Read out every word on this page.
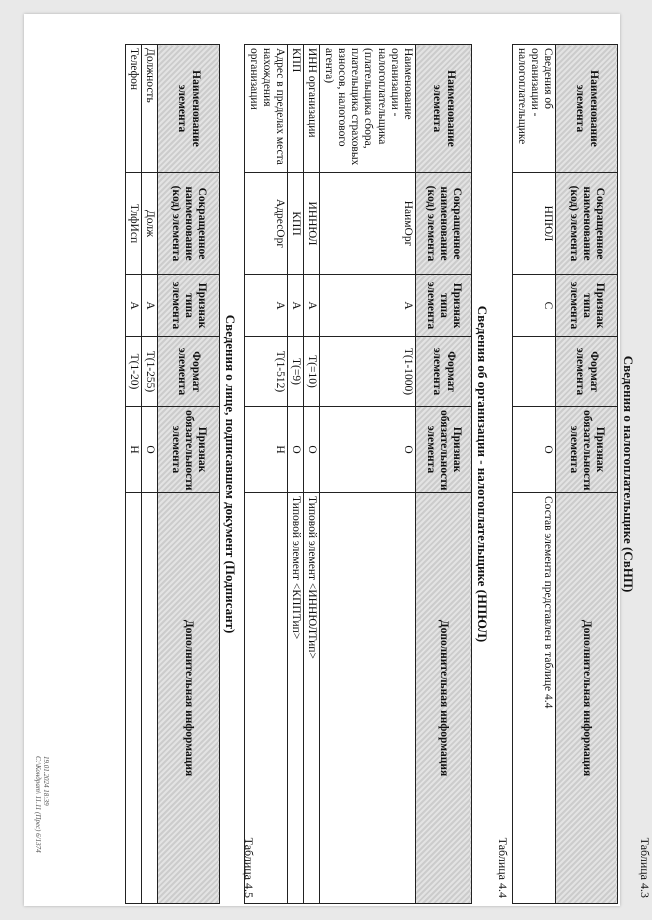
Таблица 4.3
Сведения о налогоплательщике (СвНП)
Наименование элемента	Сокращенное наименование (код) элемента	Признак типа элемента	Формат элемента	Признак обязательности элемента	Дополнительная информация
Сведения об организации - налогоплательщике	НПЮЛ	С		О	Состав элемента представлен в таблице 4.4
Таблица 4.4
Сведения об организации - налогоплательщике (НПЮЛ)
Наименование элемента	Сокращенное наименование (код) элемента	Признак типа элемента	Формат элемента	Признак обязательности элемента	Дополнительная информация
Наименование организации - налогоплательщика (плательщика сбора, плательщика страховых взносов, налогового агента)	НаимОрг	А	T(1-1000)	О	
ИНН организации	ИННЮЛ	А	T(=10)	О	Типовой элемент <ИННЮЛТип>
КПП	КПП	А	T(=9)	О	Типовой элемент <КППТип>
Адрес в пределах места нахождения организации	АдресОрг	А	T(1-512)	Н	
Таблица 4.5
Сведения о лице, подписавшем документ (Подписант)
Наименование элемента	Сокращенное наименование (код) элемента	Признак типа элемента	Формат элемента	Признак обязательности элемента	Дополнительная информация
Должность	Долж	А	T(1-255)	О	
Телефон	ТлфИсп	А	T(1-20)	Н	
19.01.2024 18:39
С:\Кондрат\ 11.11 (Прес) 6/1374
